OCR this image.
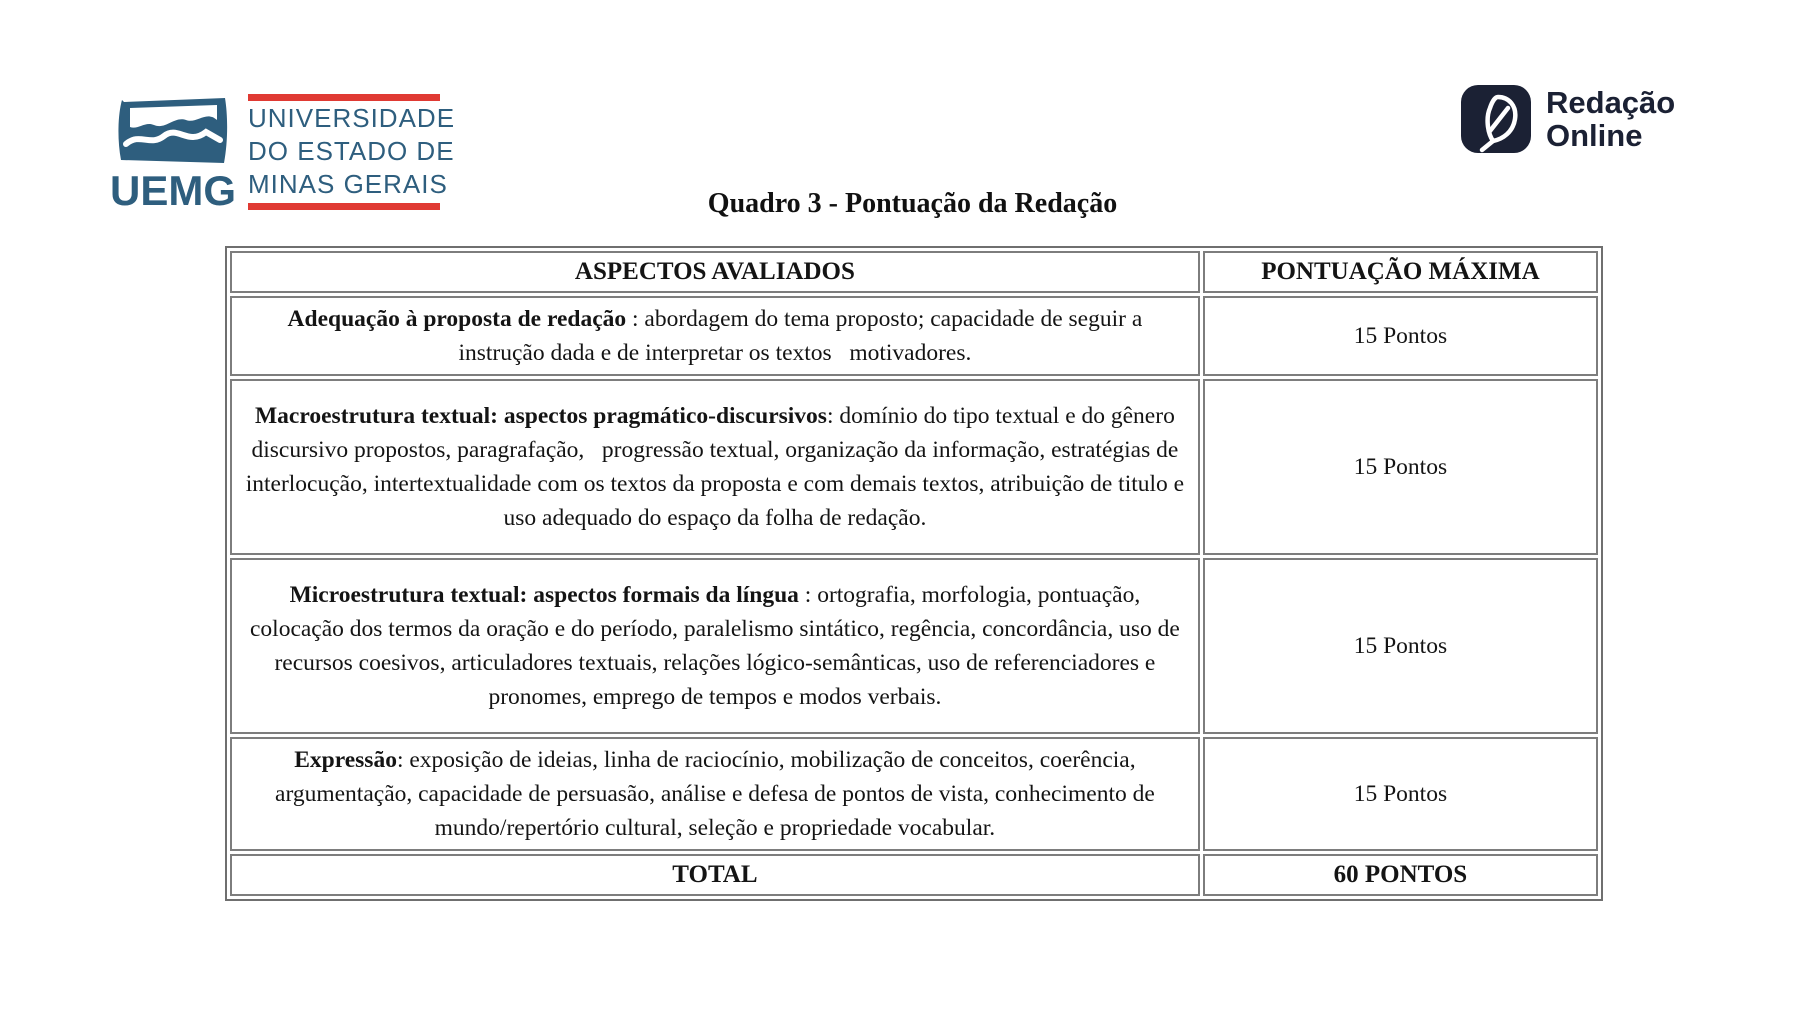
UEMG
UNIVERSIDADE
DO ESTADO DE
MINAS GERAIS
Redação
Online
Quadro 3 - Pontuação da Redação
ASPECTOS AVALIADOS	PONTUAÇÃO MÁXIMA
Adequação à proposta de redação : abordagem do tema proposto; capacidade de seguir a instrução dada e de interpretar os textos   motivadores.	15 Pontos
Macroestrutura textual: aspectos pragmático-discursivos: domínio do tipo textual e do gênero discursivo propostos, paragrafação,   progressão textual, organização da informação, estratégias de interlocução, intertextualidade com os textos da proposta e com demais textos, atribuição de titulo e uso adequado do espaço da folha de redação.	15 Pontos
Microestrutura textual: aspectos formais da língua : ortografia, morfologia, pontuação, colocação dos termos da oração e do período, paralelismo sintático, regência, concordância, uso de recursos coesivos, articuladores textuais, relações lógico-semânticas, uso de referenciadores e pronomes, emprego de tempos e modos verbais.	15 Pontos
Expressão: exposição de ideias, linha de raciocínio, mobilização de conceitos, coerência, argumentação, capacidade de persuasão, análise e defesa de pontos de vista, conhecimento de mundo/repertório cultural, seleção e propriedade vocabular.	15 Pontos
TOTAL	60 PONTOS
